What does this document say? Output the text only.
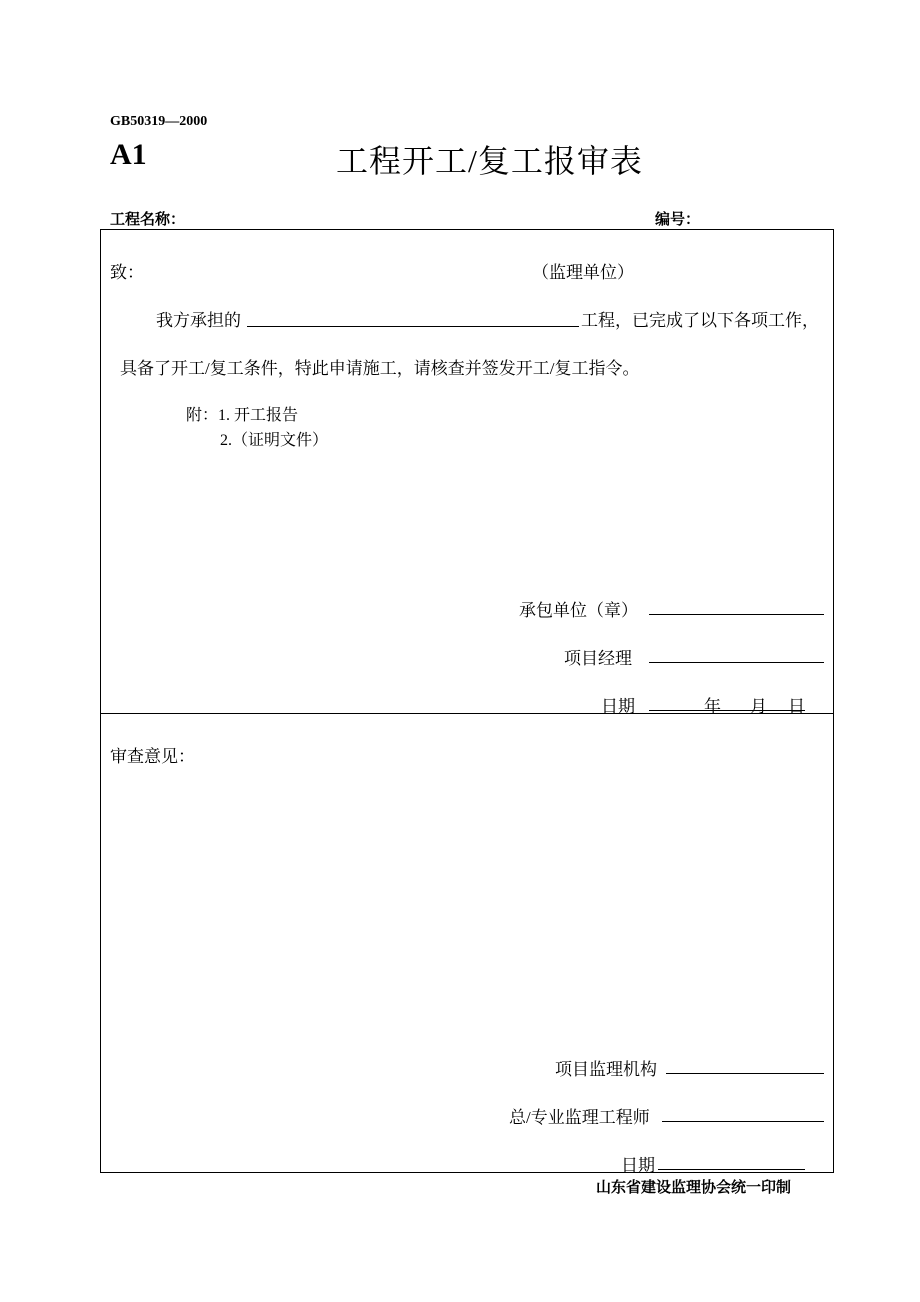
GB50319—2000
A1	工程开工/复工报审表
工程名称：	编号：
致：	（监理单位）
我方承担的	工程，已完成了以下各项工作，
具备了开工/复工条件，特此申请施工，请核查并签发开工/复工指令。
附：1. 开工报告
2.（证明文件）
承包单位（章）
项目经理
日期	年 月 日
审查意见：
项目监理机构
总/专业监理工程师
日期
山东省建设监理协会统一印制
